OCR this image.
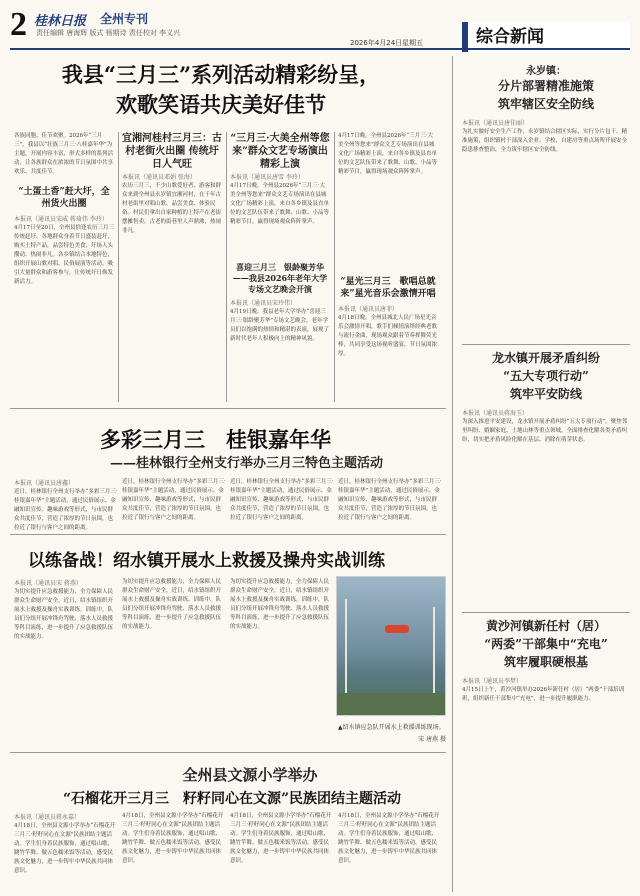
2 桂林日报 全州专刊
责任编辑 唐海辉 版式 杨期诗 责任校对 李义兴
2026年4月24日 星期五	综合新闻
我县“三月三”系列活动精彩纷呈，
欢歌笑语共庆美好佳节
各族同胞、佳节欢聚。2026年“三月三”，我县以“壮族三月三·八桂嘉年华”为主题，开展内容丰富、形式多样的系列活动，让各族群众在浓浓的节日氛围中共享欢乐、共度佳节。
“土蛋土香”赶大圩，全州货火出圈
本报讯（通讯员宋威 蒋琦伟 李玲）
4月17日至20日，全州县恰逢农历三月三传统赶圩，各地群众身着节日盛装赶圩，购买土特产品，品尝特色美食，圩场人头攒动、热闹非凡。各乡镇结合本地特色，组织开展山歌对唱、民俗展演等活动，吸引大量群众和游客参与，让传统圩日焕发新活力。
宜湘河桂村三月三：古村老街火出圈 传统圩日人气旺
本报讯（通讯员邓娟 张海）
农历三月三，不少山歌爱好者、游客和群众来到全州县永岁镇宜湘河村，在千年古村老街里对唱山歌、品尝美食、体验民俗。村民们拿出自家种植的土特产在老街摆摊售卖，古老的街巷里人声鼎沸，热闹非凡。
“三月三·大美全州等您来”群众文艺专场演出精彩上演
本报讯（通讯员唐雪 李玲）
4月17日晚，全州县2026年“三月三·大美全州等您来”群众文艺专场演出在县城文化广场精彩上演，来自各乡镇及县直单位的文艺队伍带来了歌舞、山歌、小品等精彩节目，赢得现场观众阵阵掌声。
喜迎三月三　银龄聚芳华——我县2026年老年大学专场文艺晚会开演
本报讯（通讯员宋玲伟）
4月19日晚，我县老年大学举办“喜迎三月三·银龄聚芳华”专场文艺晚会，老年学员们以饱满的热情和精湛的表演，展现了新时代老年人积极向上的精神风貌。
4月17日晚，全州县2026年“三月三·大美全州等您来”群众文艺专场演出在县城文化广场精彩上演，来自各乡镇及县直单位的文艺队伍带来了歌舞、山歌、小品等精彩节目，赢得现场观众阵阵掌声。
“星光三月三　歌唱总就来”星光音乐会激情开唱
本报讯（通讯员唐菲）
4月18日晚，全州县城北人民广场星光音乐会激情开唱，歌手们倾情演绎经典老歌与流行金曲，现场观众跟着节奏挥舞荧光棒，共同享受这场视听盛宴，节日氛围浓厚。
多彩三月三　桂银嘉年华
——桂林银行全州支行举办三月三特色主题活动
本报讯（通讯员唐鑫）
近日，桂林银行全州支行举办“多彩三月三·桂银嘉年华”主题活动，通过民俗展示、金融知识宣传、趣味游戏等形式，与市民群众共度佳节，营造了浓厚的节日氛围，也拉近了银行与客户之间的距离。
近日，桂林银行全州支行举办“多彩三月三·桂银嘉年华”主题活动，通过民俗展示、金融知识宣传、趣味游戏等形式，与市民群众共度佳节，营造了浓厚的节日氛围，也拉近了银行与客户之间的距离。
近日，桂林银行全州支行举办“多彩三月三·桂银嘉年华”主题活动，通过民俗展示、金融知识宣传、趣味游戏等形式，与市民群众共度佳节，营造了浓厚的节日氛围，也拉近了银行与客户之间的距离。
近日，桂林银行全州支行举办“多彩三月三·桂银嘉年华”主题活动，通过民俗展示、金融知识宣传、趣味游戏等形式，与市民群众共度佳节，营造了浓厚的节日氛围，也拉近了银行与客户之间的距离。
以练备战！绍水镇开展水上救援及操舟实战训练
本报讯（通讯员宋 蒋燕）
为切实提升应急救援能力，全力保障人民群众生命财产安全，近日，绍水镇组织开展水上救援及操舟实战训练。训练中，队员们分组开展冲锋舟驾驶、落水人员救援等科目演练，进一步提升了应急救援队伍的实战能力。
为切实提升应急救援能力，全力保障人民群众生命财产安全，近日，绍水镇组织开展水上救援及操舟实战训练。训练中，队员们分组开展冲锋舟驾驶、落水人员救援等科目演练，进一步提升了应急救援队伍的实战能力。
为切实提升应急救援能力，全力保障人民群众生命财产安全，近日，绍水镇组织开展水上救援及操舟实战训练。训练中，队员们分组开展冲锋舟驾驶、落水人员救援等科目演练，进一步提升了应急救援队伍的实战能力。
▲绍水镇应急队开展水上救援训练现场。
宋 唐燕 摄
全州县文源小学举办
“石榴花开三月三　籽籽同心在文源”民族团结主题活动
本报讯（通讯员蒋永嘉）
4月18日，全州县文源小学举办“石榴花开三月三·籽籽同心在文源”民族团结主题活动。学生们身着民族服饰，通过唱山歌、跳竹竿舞、做五色糯米饭等活动，感受民族文化魅力，进一步铸牢中华民族共同体意识。
4月18日，全州县文源小学举办“石榴花开三月三·籽籽同心在文源”民族团结主题活动。学生们身着民族服饰，通过唱山歌、跳竹竿舞、做五色糯米饭等活动，感受民族文化魅力，进一步铸牢中华民族共同体意识。
4月18日，全州县文源小学举办“石榴花开三月三·籽籽同心在文源”民族团结主题活动。学生们身着民族服饰，通过唱山歌、跳竹竿舞、做五色糯米饭等活动，感受民族文化魅力，进一步铸牢中华民族共同体意识。
4月18日，全州县文源小学举办“石榴花开三月三·籽籽同心在文源”民族团结主题活动。学生们身着民族服饰，通过唱山歌、跳竹竿舞、做五色糯米饭等活动，感受民族文化魅力，进一步铸牢中华民族共同体意识。
永岁镇：
分片部署精准施策
筑牢辖区安全防线
本报讯（通讯员唐佳丽）
为扎实做好安全生产工作，永岁镇结合辖区实际，实行分片包干、精准施策，组织镇村干部深入企业、学校、自建房等重点场所开展安全隐患排查整治，全力筑牢辖区安全防线。
龙水镇开展矛盾纠纷
“五大专项行动”
筑牢平安防线
本报讯（通讯员蒋海玉）
为深入推进平安建设，龙水镇开展矛盾纠纷“五大专项行动”，聚焦邻里纠纷、婚姻家庭、土地山林等重点领域，全面排查化解各类矛盾纠纷，切实把矛盾风险化解在基层、消除在萌芽状态。
黄沙河镇新任村（居）
“两委”干部集中“充电”
筑牢履职硬根基
本报讯（通讯员李梦）
4月15日上午，黄沙河镇举办2026年新任村（居）“两委”干部培训班，组织新任干部集中“充电”，进一步提升履职能力。
